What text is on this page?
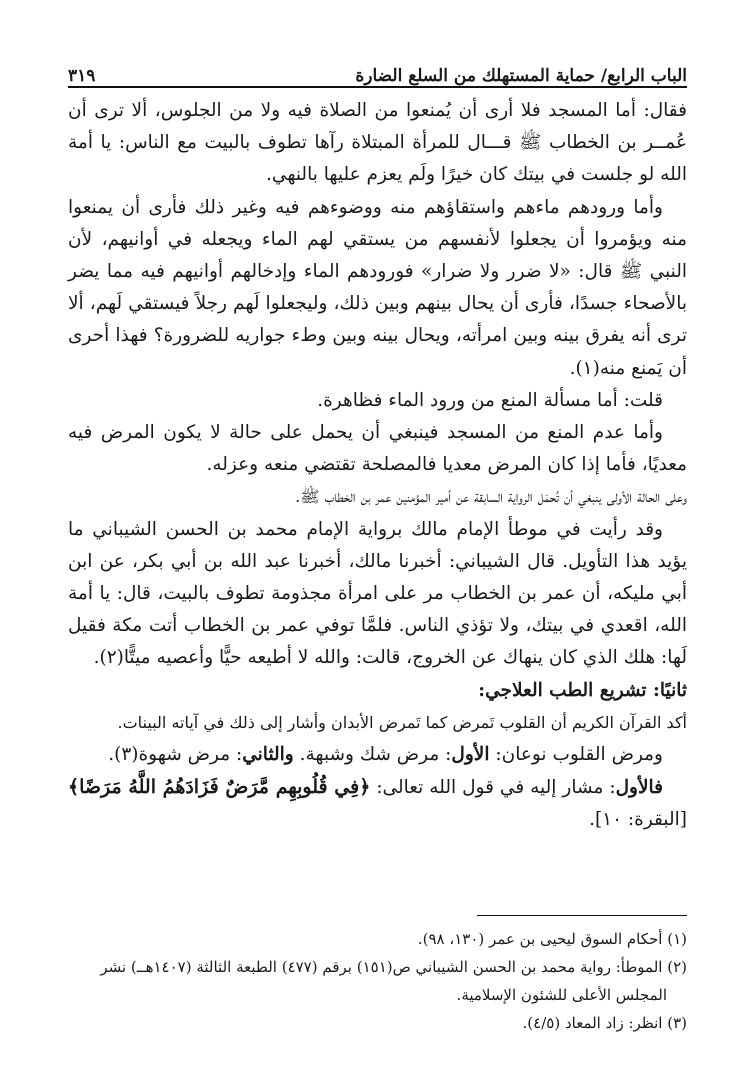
الباب الرابع/ حماية المستهلك من السلع الضارة
٣١٩

فقال: أما المسجد فلا أرى أن يُمنعوا من الصلاة فيه ولا من الجلوس، ألا ترى أن عُمــر بن الخطاب ﷺ قـــال للمرأة المبتلاة رآها تطوف بالبيت مع الناس: يا أمة الله لو جلست في بيتك كان خيرًا ولَم يعزم عليها بالنهي.

وأما ورودهم ماءهم واستقاؤهم منه ووضوءهم فيه وغير ذلك فأرى أن يمنعوا منه ويؤمروا أن يجعلوا لأنفسهم من يستقي لهم الماء ويجعله في أوانيهم، لأن النبي ﷺ قال: «لا ضرر ولا ضرار» فورودهم الماء وإدخالهم أوانيهم فيه مما يضر بالأصحاء جسدًا، فأرى أن يحال بينهم وبين ذلك، وليجعلوا لَهم رجلاً فيستقي لَهم، ألا ترى أنه يفرق بينه وبين امرأته، ويحال بينه وبين وطء جواريه للضرورة؟ فهذا أحرى أن يَمنع منه(١).

قلت: أما مسألة المنع من ورود الماء فظاهرة.

وأما عدم المنع من المسجد فينبغي أن يحمل على حالة لا يكون المرض فيه معديًا، فأما إذا كان المرض معديا فالمصلحة تقتضي منعه وعزله.

وعلى الحالة الأولى ينبغي أن تُحمَل الرواية السابقة عن أمير المؤمنين عمر بن الخطاب ﷺ.

وقد رأيت في موطأ الإمام مالك برواية الإمام محمد بن الحسن الشيباني ما يؤيد هذا التأويل. قال الشيباني: أخبرنا مالك، أخبرنا عبد الله بن أبي بكر، عن ابن أبي مليكه، أن عمر بن الخطاب مر على امرأة مجذومة تطوف بالبيت، قال: يا أمة الله، اقعدي في بيتك، ولا تؤذي الناس. فلمَّا توفي عمر بن الخطاب أتت مكة فقيل لَها: هلك الذي كان ينهاك عن الخروج، قالت: والله لا أطيعه حيًّا وأعصيه ميتًّا(٢).

ثانيًا: تشريع الطب العلاجي:

أكد القرآن الكريم أن القلوب تَمرض كما تَمرض الأبدان وأشار إلى ذلك في آياته البينات.

ومرض القلوب نوعان: الأول: مرض شك وشبهة. والثاني: مرض شهوة(٣).

فالأول: مشار إليه في قول الله تعالى: ﴿فِي قُلُوبِهِم مَّرَضٌ فَزَادَهُمُ اللَّهُ مَرَضًا﴾ [البقرة: ١٠].

(١) أحكام السوق ليحيى بن عمر (١٣٠، ٩٨).

(٢) الموطأ: رواية محمد بن الحسن الشيباني ص(١٥١) برقم (٤٧٧) الطبعة الثالثة (١٤٠٧هــ) نشر

المجلس الأعلى للشئون الإسلامية.

(٣) انظر: زاد المعاد (٤/٥).
